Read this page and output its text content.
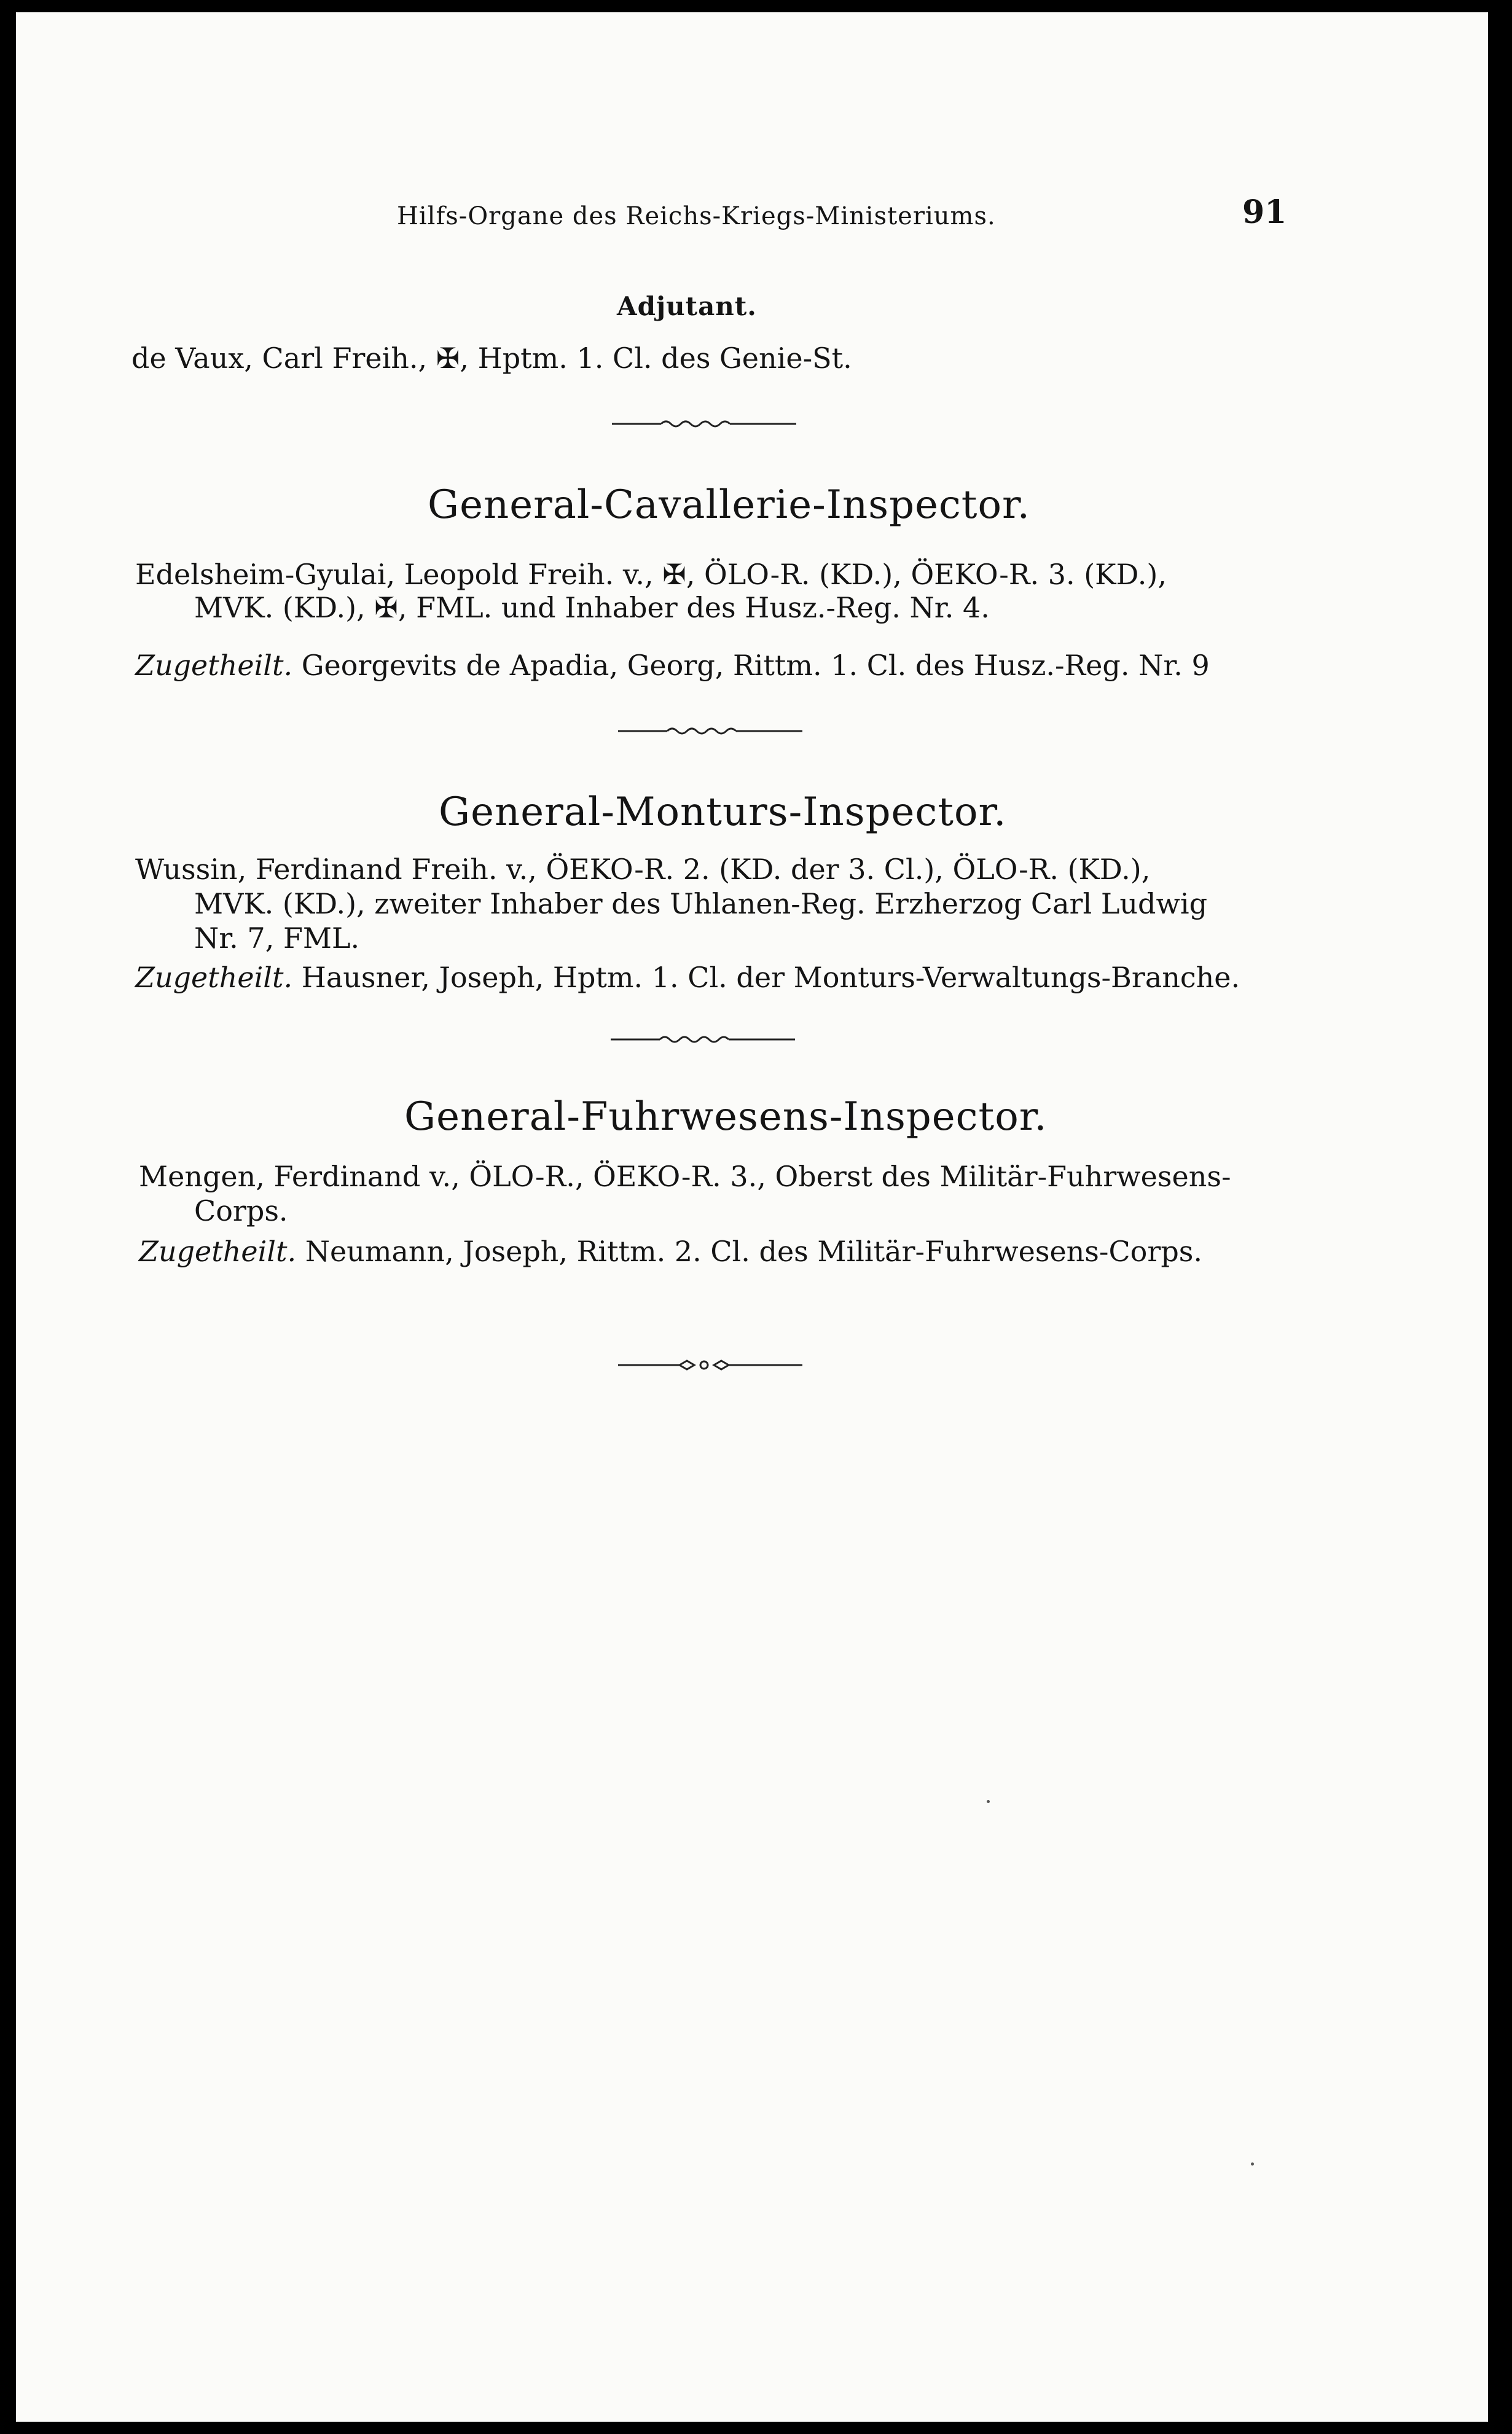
Hilfs-Organe des Reichs-Kriegs-Ministeriums.	91
Adjutant.
de Vaux, Carl Freih., ✠, Hptm. 1. Cl. des Genie-St.
General-Cavallerie-Inspector.
Edelsheim-Gyulai, Leopold Freih. v., ✠, ÖLO-R. (KD.), ÖEKO-R. 3. (KD.),
MVK. (KD.), ✠, FML. und Inhaber des Husz.-Reg. Nr. 4.
Zugetheilt. Georgevits de Apadia, Georg, Rittm. 1. Cl. des Husz.-Reg. Nr. 9
General-Monturs-Inspector.
Wussin, Ferdinand Freih. v., ÖEKO-R. 2. (KD. der 3. Cl.), ÖLO-R. (KD.),
MVK. (KD.), zweiter Inhaber des Uhlanen-Reg. Erzherzog Carl Ludwig
Nr. 7, FML.
Zugetheilt. Hausner, Joseph, Hptm. 1. Cl. der Monturs-Verwaltungs-Branche.
General-Fuhrwesens-Inspector.
Mengen, Ferdinand v., ÖLO-R., ÖEKO-R. 3., Oberst des Militär-Fuhrwesens-
Corps.
Zugetheilt. Neumann, Joseph, Rittm. 2. Cl. des Militär-Fuhrwesens-Corps.
